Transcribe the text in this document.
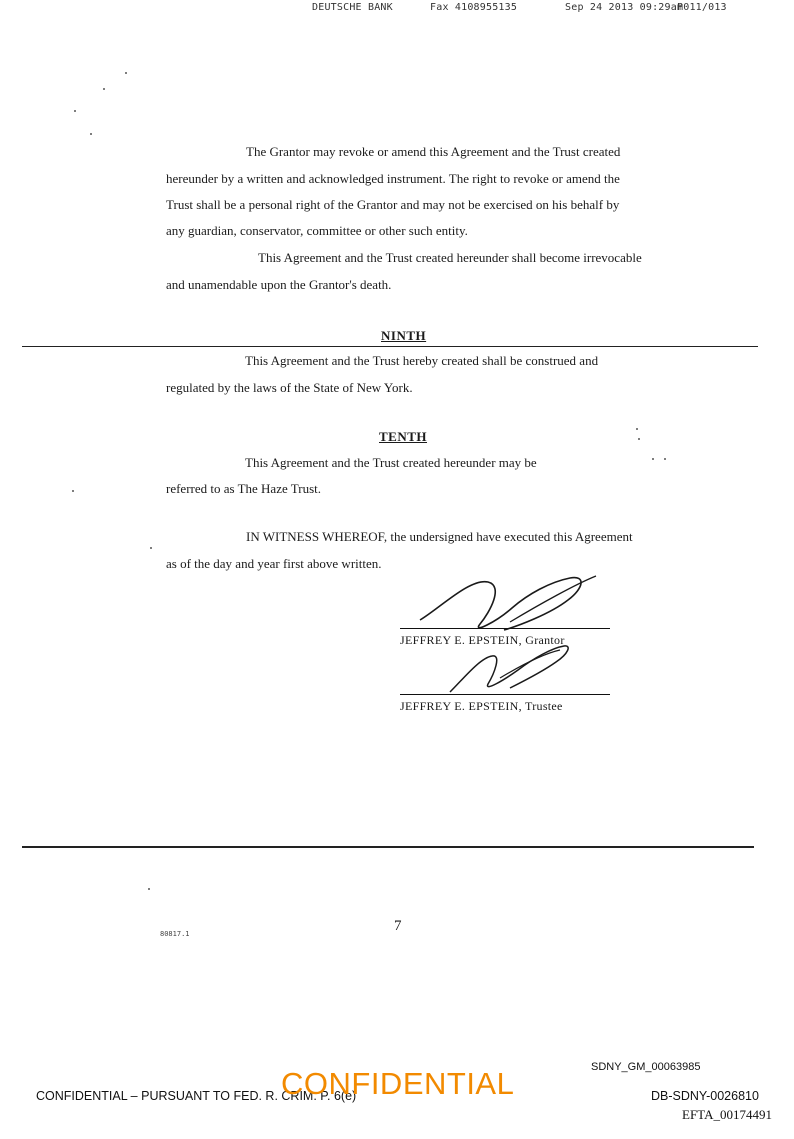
DEUTSCHE BANK	Fax 4108955135	Sep 24 2013 09:29am
P011/013
The Grantor may revoke or amend this Agreement and the Trust created
hereunder by a written and acknowledged instrument. The right to revoke or amend the
Trust shall be a personal right of the Grantor and may not be exercised on his behalf by
any guardian, conservator, committee or other such entity.
This Agreement and the Trust created hereunder shall become irrevocable
and unamendable upon the Grantor's death.
NINTH
This Agreement and the Trust hereby created shall be construed and
regulated by the laws of the State of New York.
TENTH
This Agreement and the Trust created hereunder may be
referred to as The Haze Trust.
IN WITNESS WHEREOF, the undersigned have executed this Agreement
as of the day and year first above written.
JEFFREY E. EPSTEIN, Grantor
JEFFREY E. EPSTEIN, Trustee
80817.1	7
SDNY_GM_00063985
CONFIDENTIAL – PURSUANT TO FED. R. CRIM. P. 6(e)
CONFIDENTIAL	DB-SDNY-0026810
EFTA_00174491
